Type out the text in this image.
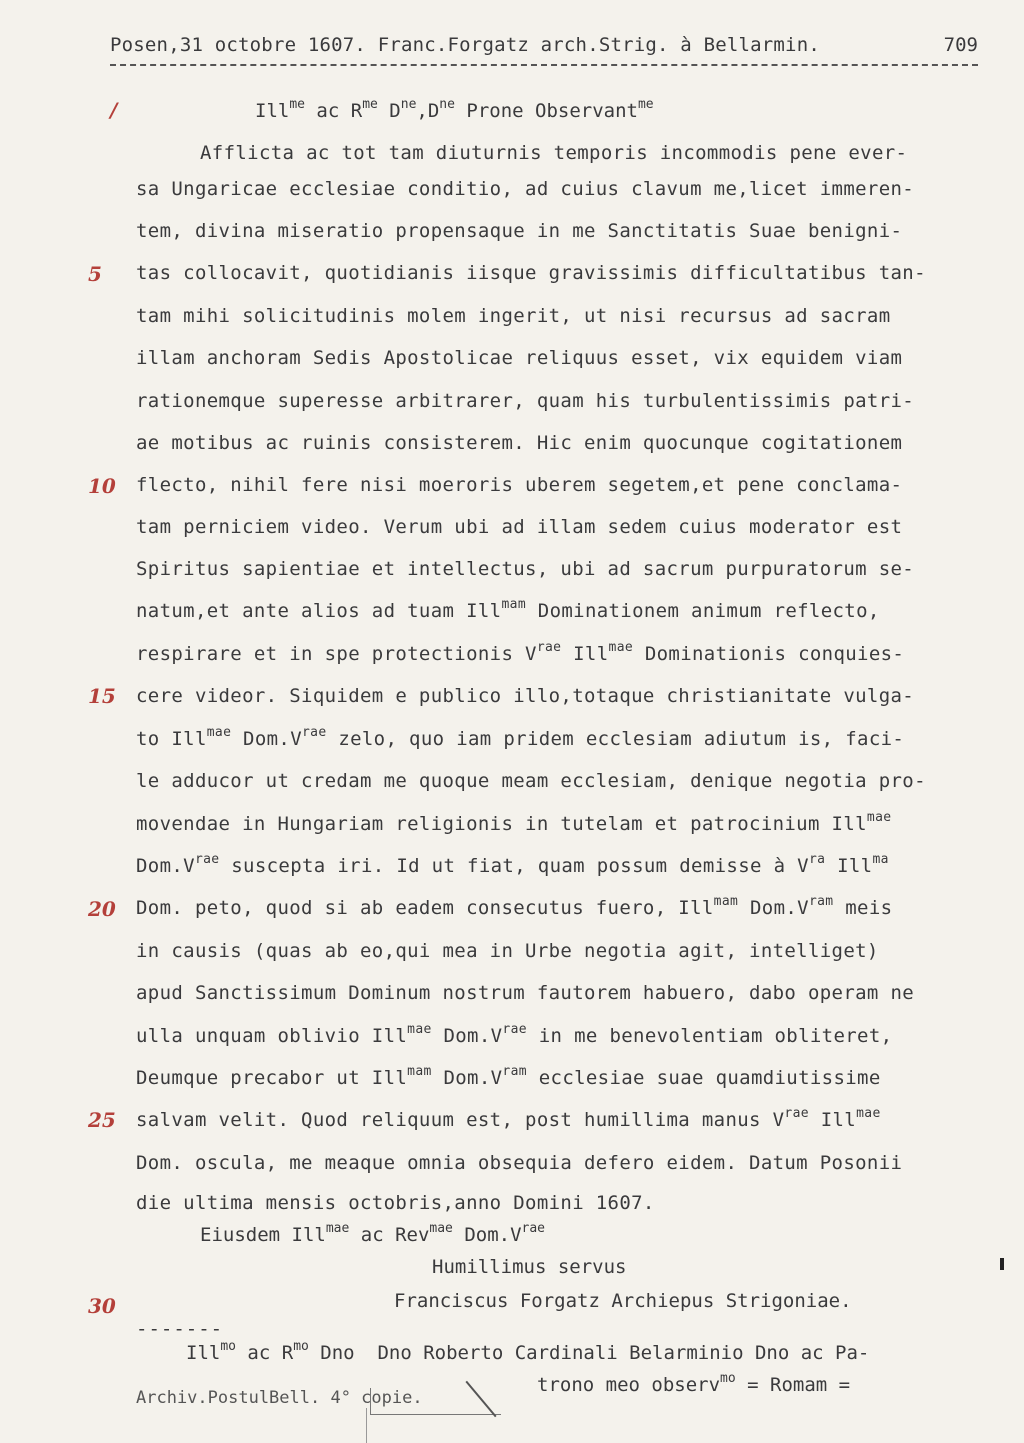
Posen,31 octobre 1607. Franc.Forgatz arch.Strig. à Bellarmin.	709
/
5
10
15
20
25
30
Ill$^{me}$ ac $R^{me}$ $D^{ne},D^{ne}$ Prone Observant$^{me}$
Afflicta ac tot tam diuturnis temporis incommodis pene ever-
sa Ungaricae ecclesiae conditio, ad cuius clavum me,licet immeren-
tem, divina miseratio propensaque in me Sanctitatis Suae benigni-
tas collocavit, quotidianis iisque gravissimis difficultatibus tan-
tam mihi solicitudinis molem ingerit, ut nisi recursus ad sacram
illam anchoram Sedis Apostolicae reliquus esset, vix equidem viam
rationemque superesse arbitrarer, quam his turbulentissimis patri-
ae motibus ac ruinis consisterem. Hic enim quocunque cogitationem
flecto, nihil fere nisi moeroris uberem segetem,et pene conclama-
tam perniciem video. Verum ubi ad illam sedem cuius moderator est
Spiritus sapientiae et intellectus, ubi ad sacrum purpuratorum se-
natum,et ante alios ad tuam Ill$^{mam}$ Dominationem animum reflecto,
respirare et in spe protectionis $V^{rae}$ Ill$^{mae}$ Dominationis conquies-
cere videor. Siquidem e publico illo,totaque christianitate vulga-
to Ill$^{mae}$ $Dom.V^{rae}$ zelo, quo iam pridem ecclesiam adiutum is, faci-
le adducor ut credam me quoque meam ecclesiam, denique negotia pro-
movendae in Hungariam religionis in tutelam et patrocinium Ill$^{mae}$
$Dom.V^{rae}$ suscepta iri. Id ut fiat, quam possum demisse à $V^{ra}$ Ill$^{ma}$
Dom. peto, quod si ab eadem consecutus fuero, Ill$^{mam}$ $Dom.V^{ram}$ meis
in causis (quas ab eo,qui mea in Urbe negotia agit, intelliget)
apud Sanctissimum Dominum nostrum fautorem habuero, dabo operam ne
ulla unquam oblivio Ill$^{mae}$ $Dom.V^{rae}$ in me benevolentiam obliteret,
Deumque precabor ut Ill$^{mam}$ $Dom.V^{ram}$ ecclesiae suae quamdiutissime
salvam velit. Quod reliquum est, post humillima manus $V^{rae}$ Ill$^{mae}$
Dom. oscula, me meaque omnia obsequia defero eidem. Datum Posonii
die ultima mensis octobris,anno Domini 1607.
Eiusdem Ill$^{mae}$ ac Rev$^{mae}$ $Dom.V^{rae}$
Humillimus servus
Franciscus Forgatz Archiepus Strigoniae.
-------
Ill$^{mo}$ ac $R^{mo}$ Dno  Dno Roberto Cardinali Belarminio Dno ac Pa-
trono meo observ$^{mo}$ = Romam =
Archiv.PostulBell. 4° copie.
